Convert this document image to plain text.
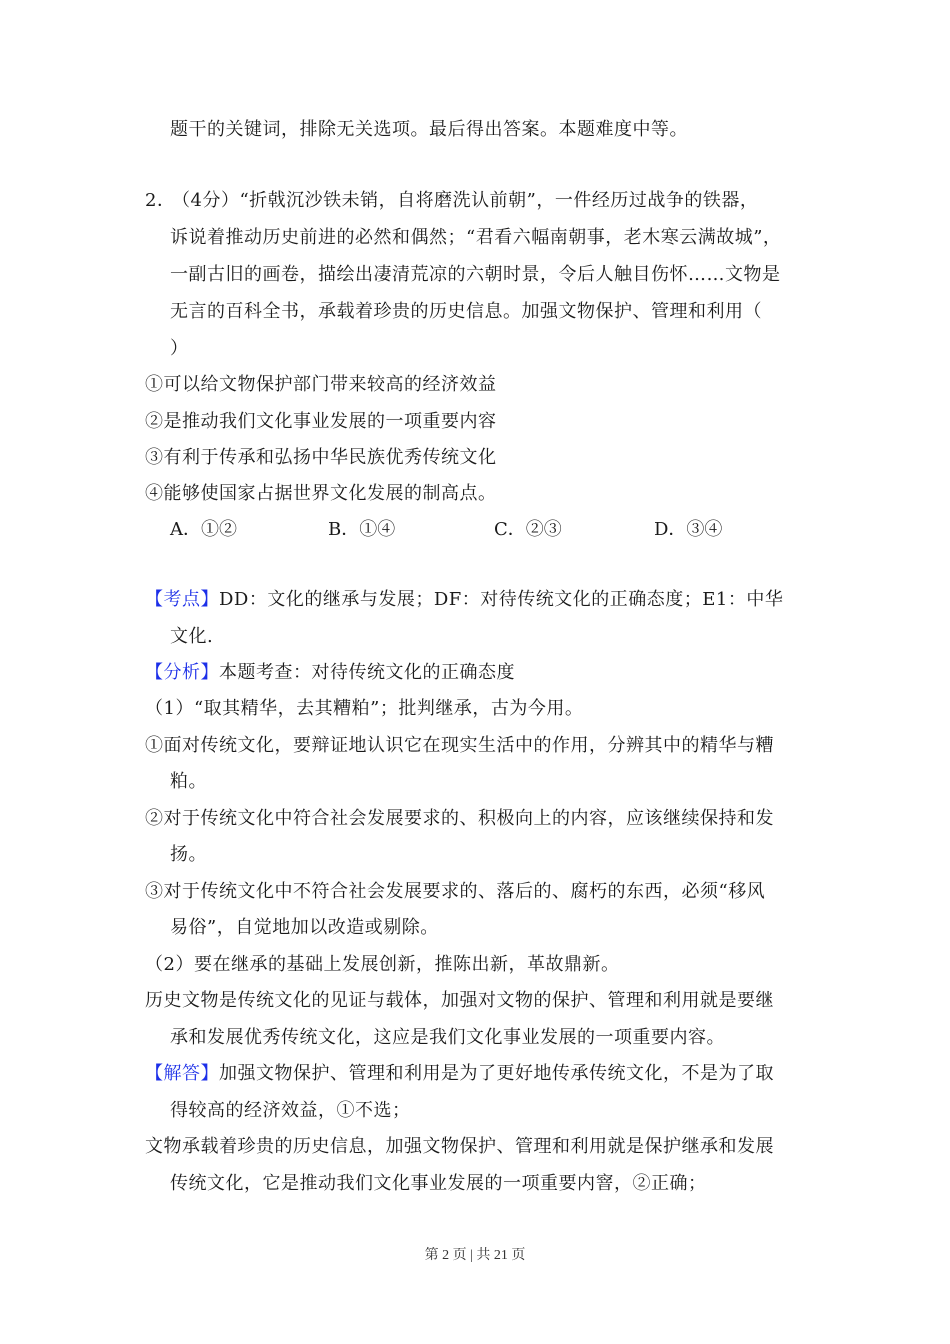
题干的关键词，排除无关选项。最后得出答案。本题难度中等。
2．
（4分）“折戟沉沙铁未销，自将磨洗认前朝”，一件经历过战争的铁器，
诉说着推动历史前进的必然和偶然；“君看六幅南朝事，老木寒云满故城”，
一副古旧的画卷，描绘出凄清荒凉的六朝时景，令后人触目伤怀……文物是
无言的百科全书，承载着珍贵的历史信息。加强文物保护、管理和利用（
）
①可以给文物保护部门带来较高的经济效益
②是推动我们文化事业发展的一项重要内容
③有利于传承和弘扬中华民族优秀传统文化
④能够使国家占据世界文化发展的制高点。
A．①②	B．①④	C．②③	D．③④
【考点】DD：文化的继承与发展；DF：对待传统文化的正确态度；E1：中华
文化.
【分析】本题考查：对待传统文化的正确态度
（1）“取其精华，去其糟粕”；批判继承，古为今用。
①面对传统文化，要辩证地认识它在现实生活中的作用，分辨其中的精华与糟
粕。
②对于传统文化中符合社会发展要求的、积极向上的内容，应该继续保持和发
扬。
③对于传统文化中不符合社会发展要求的、落后的、腐朽的东西，必须“移风
易俗”，自觉地加以改造或剔除。
（2）要在继承的基础上发展创新，推陈出新，革故鼎新。
历史文物是传统文化的见证与载体，加强对文物的保护、管理和利用就是要继
承和发展优秀传统文化，这应是我们文化事业发展的一项重要内容。
【解答】加强文物保护、管理和利用是为了更好地传承传统文化，不是为了取
得较高的经济效益，①不选；
文物承载着珍贵的历史信息，加强文物保护、管理和利用就是保护继承和发展
传统文化，它是推动我们文化事业发展的一项重要内窨，②正确；
第 2 页 | 共 21 页
